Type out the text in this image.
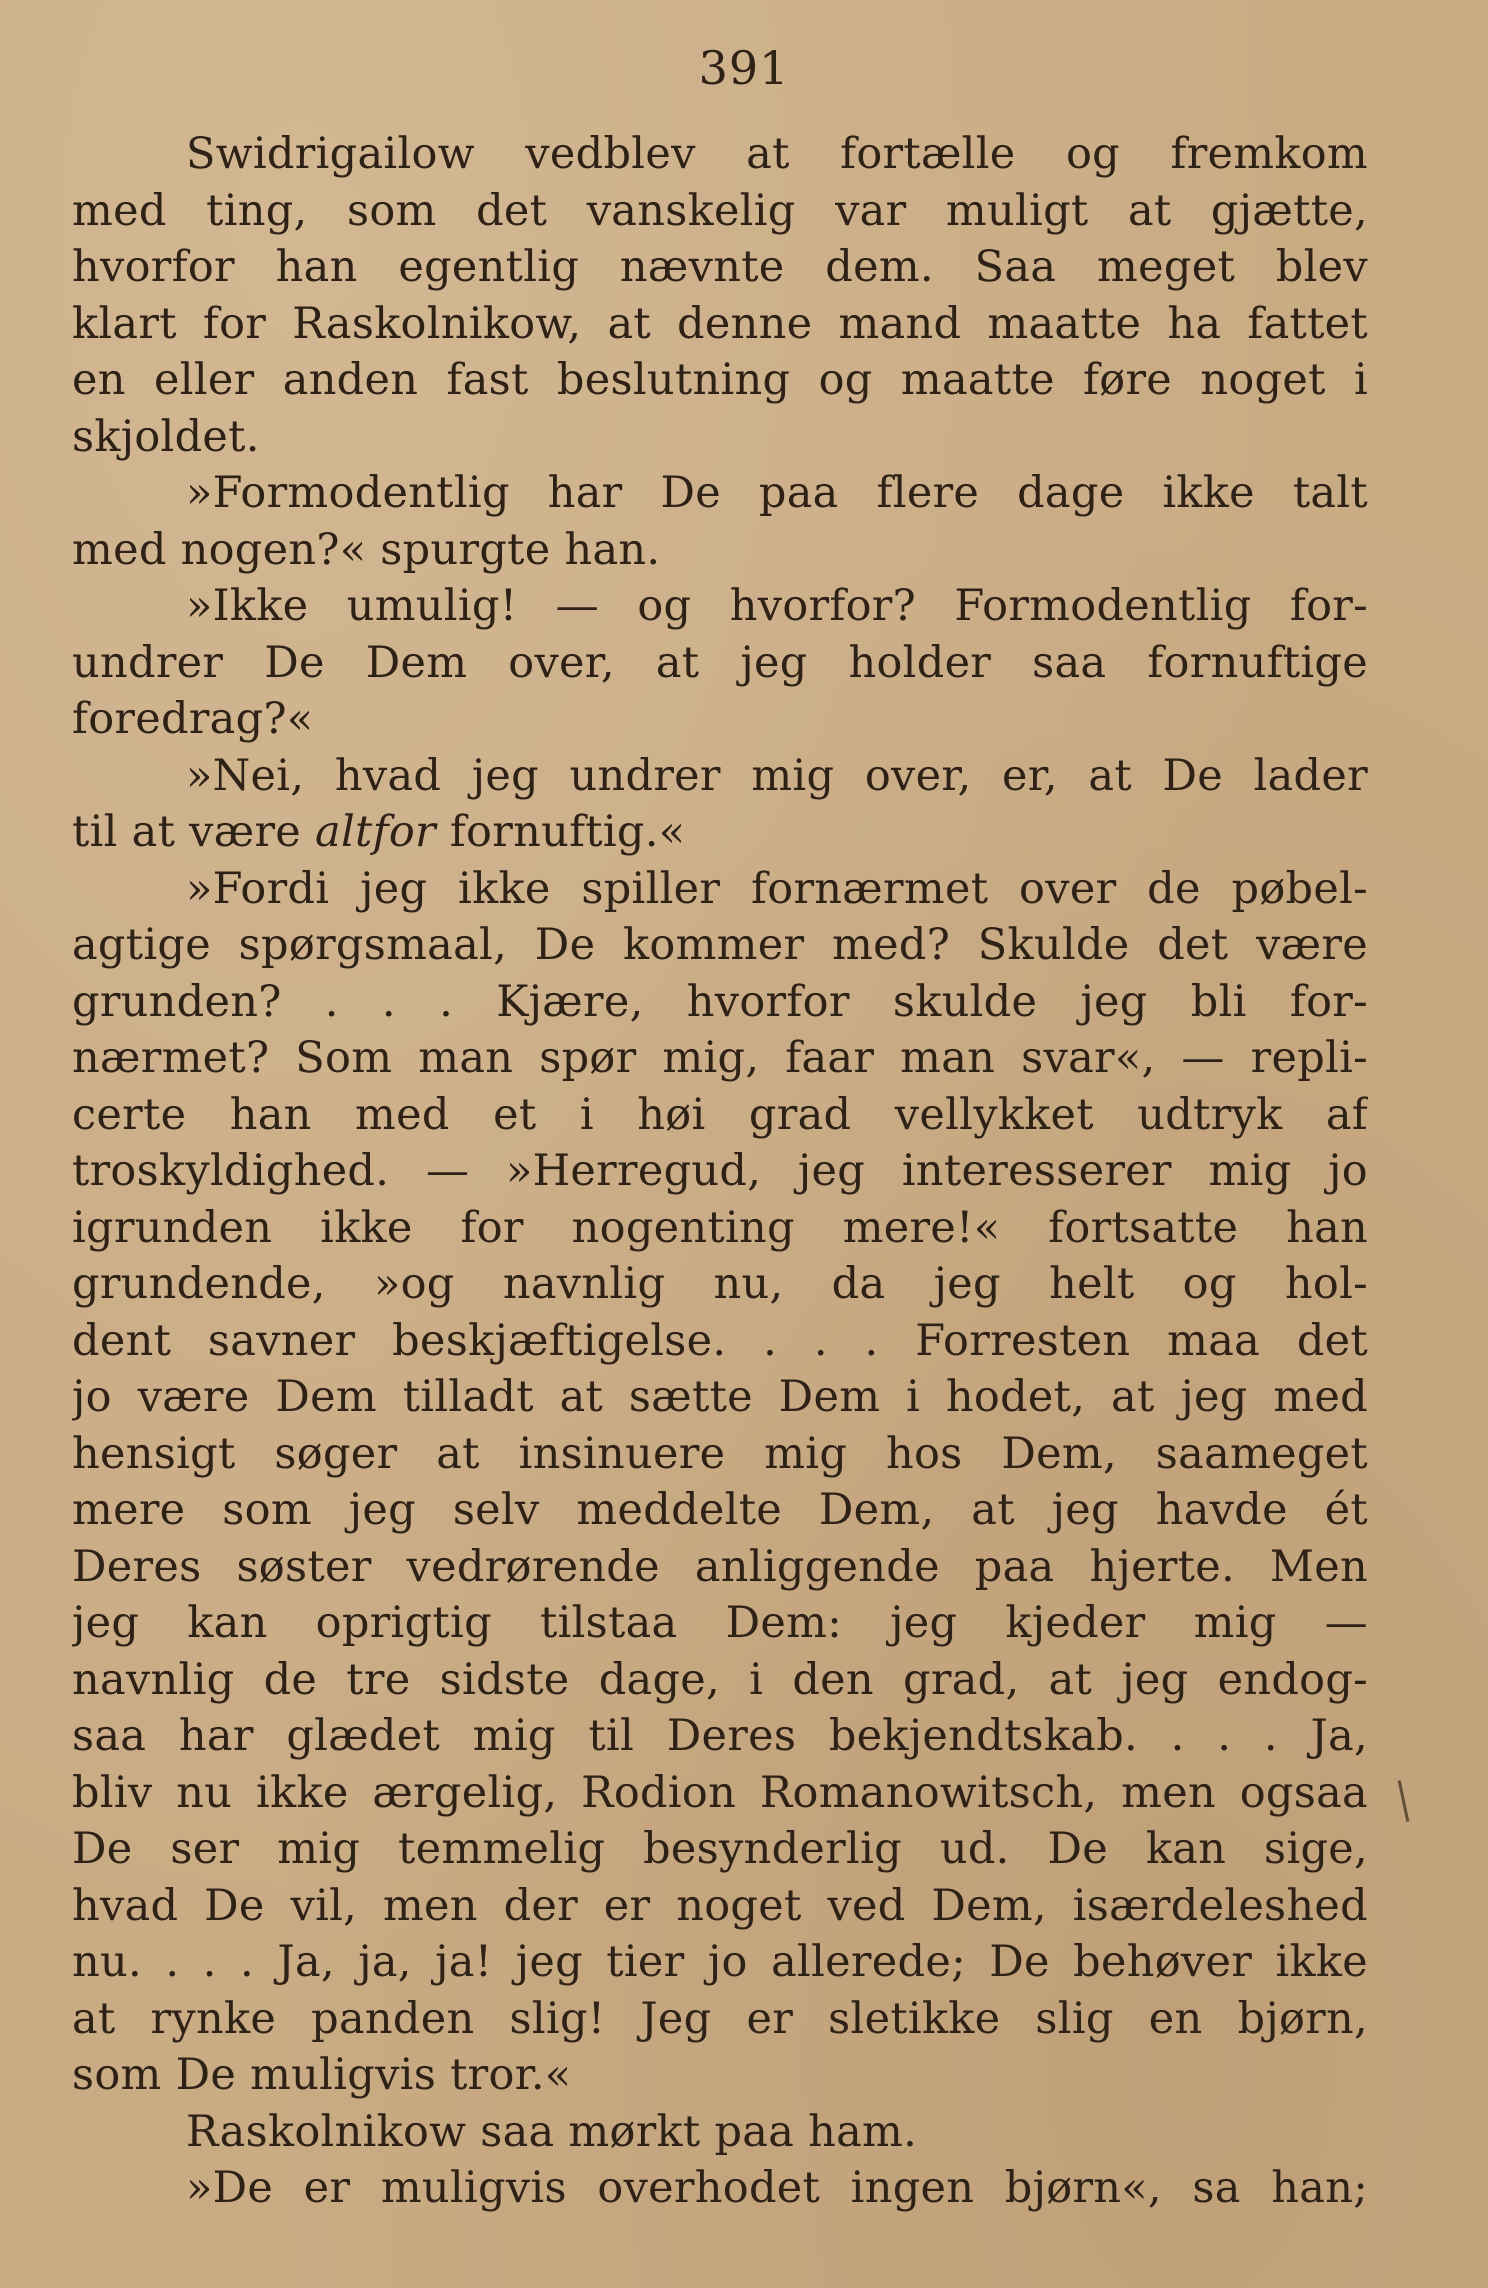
391
Swidrigailow vedblev at fortælle og fremkom
med ting, som det vanskelig var muligt at gjætte,
hvorfor han egentlig nævnte dem. Saa meget blev
klart for Raskolnikow, at denne mand maatte ha fattet
en eller anden fast beslutning og maatte føre noget i
skjoldet.
»Formodentlig har De paa flere dage ikke talt
med nogen?« spurgte han.
»Ikke umulig! — og hvorfor? Formodentlig for-
undrer De Dem over, at jeg holder saa fornuftige
foredrag?«
»Nei, hvad jeg undrer mig over, er, at De lader
til at være altfor fornuftig.«
»Fordi jeg ikke spiller fornærmet over de pøbel-
agtige spørgsmaal, De kommer med? Skulde det være
grunden? . . . Kjære, hvorfor skulde jeg bli for-
nærmet? Som man spør mig, faar man svar«, — repli-
certe han med et i høi grad vellykket udtryk af
troskyldighed. — »Herregud, jeg interesserer mig jo
igrunden ikke for nogenting mere!« fortsatte han
grundende, »og navnlig nu, da jeg helt og hol-
dent savner beskjæftigelse. . . . Forresten maa det
jo være Dem tilladt at sætte Dem i hodet, at jeg med
hensigt søger at insinuere mig hos Dem, saameget
mere som jeg selv meddelte Dem, at jeg havde ét
Deres søster vedrørende anliggende paa hjerte. Men
jeg kan oprigtig tilstaa Dem: jeg kjeder mig —
navnlig de tre sidste dage, i den grad, at jeg endog-
saa har glædet mig til Deres bekjendtskab. . . . Ja,
bliv nu ikke ærgelig, Rodion Romanowitsch, men ogsaa
De ser mig temmelig besynderlig ud. De kan sige,
hvad De vil, men der er noget ved Dem, isærdeleshed
nu. . . . Ja, ja, ja! jeg tier jo allerede; De behøver ikke
at rynke panden slig! Jeg er sletikke slig en bjørn,
som De muligvis tror.«
Raskolnikow saa mørkt paa ham.
»De er muligvis overhodet ingen bjørn«, sa han;
